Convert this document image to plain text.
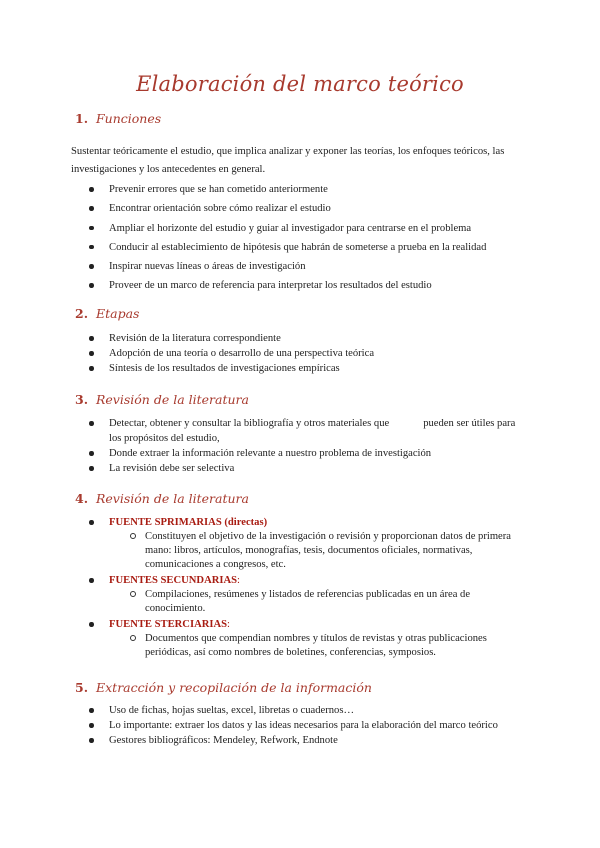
Elaboración del marco teórico
1. Funciones
Sustentar teóricamente el estudio, que implica analizar y exponer las teorías, los enfoques teóricos, las investigaciones y los antecedentes en general.
Prevenir errores que se han cometido anteriormente
Encontrar orientación sobre cómo realizar el estudio
Ampliar el horizonte del estudio y guiar al investigador para centrarse en el problema
Conducir al establecimiento de hipótesis que habrán de someterse a prueba en la realidad
Inspirar nuevas líneas o áreas de investigación
Proveer de un marco de referencia para interpretar los resultados del estudio
2. Etapas
Revisión de la literatura correspondiente
Adopción de una teoría o desarrollo de una perspectiva teórica
Síntesis de los resultados de investigaciones empíricas
3. Revisión de la literatura
Detectar, obtener y consultar la bibliografía y otros materiales que	pueden ser útiles para los propósitos del estudio,
Donde extraer la información relevante a nuestro problema de investigación
La revisión debe ser selectiva
4. Revisión de la literatura
FUENTE SPRIMARIAS (directas)
Constituyen el objetivo de la investigación o revisión y proporcionan datos de primera mano: libros, artículos, monografías, tesis, documentos oficiales, normativas, comunicaciones a congresos, etc.
FUENTES SECUNDARIAS:
Compilaciones, resúmenes y listados de referencias publicadas en un área de conocimiento.
FUENTE STERCIARIAS:
Documentos que compendian nombres y títulos de revistas y otras publicaciones periódicas, así como nombres de boletines, conferencias, symposios.
5. Extracción y recopilación de la información
Uso de fichas, hojas sueltas, excel, libretas o cuadernos…
Lo importante: extraer los datos y las ideas necesarios para la elaboración del marco teórico
Gestores bibliográficos: Mendeley, Refwork, Endnote
